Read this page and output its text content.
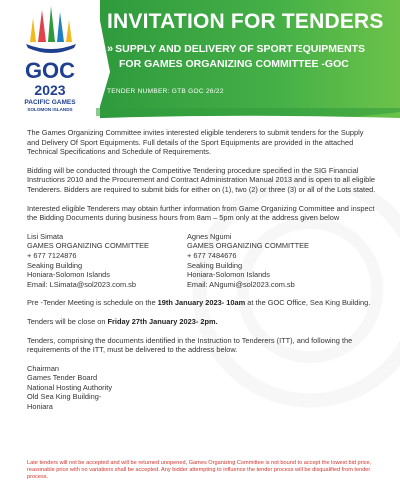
GOC
2023
PACIFIC GAMES
SOLOMON ISLANDS
INVITATION FOR TENDERS
» SUPPLY AND DELIVERY OF SPORT EQUIPMENTS
FOR GAMES ORGANIZING COMMITTEE -GOC
TENDER NUMBER: GTB GOC 26/22

The Games Organizing Committee invites interested eligible tenderers to submit tenders for the Supply and Delivery Of Sport Equipments. Full details of the Sport Equipments are provided in the attached Technical Specifications and Schedule of Requirements.

Bidding will be conducted through the Competitive Tendering procedure specified in the SIG Financial Instructions 2010 and the Procurement and Contract Administration Manual 2013 and is open to all eligible Tenderers. Bidders are required to submit bids for either on (1), two (2) or three (3) or all of the Lots stated.

Interested eligible Tenderers may obtain further information from Game Organizing Committee and inspect the Bidding Documents during business hours from 8am – 5pm only at the address given below

Lisi Simata
GAMES ORGANIZING COMMITTEE
+ 677 7124876
Seaking Building
Honiara-Solomon Islands
Email: LSimata@sol2023.com.sb
Agnes Ngumi
GAMES ORGANIZING COMMITTEE
+ 677 7484676
Seaking Building
Honiara-Solomon Islands
Email: ANgumi@sol2023.com.sb

Pre -Tender Meeting is schedule on the 19th January 2023- 10am at the GOC Office, Sea King Building.

Tenders will be close on Friday 27th January 2023- 2pm.

Tenders, comprising the documents identified in the Instruction to Tenderers (ITT), and following the requirements of the ITT, must be delivered to the address below.

Chairman
Games Tender Board
National Hosting Authority
Old Sea King Building-
Honiara

Late tenders will not be accepted and will be returned unopened, Games Organizing Committee is not bound to accept the lowest bid price, reasonable price with no variations shall be accepted. Any bidder attempting to influence the tender process will be disqualified from tender process.
